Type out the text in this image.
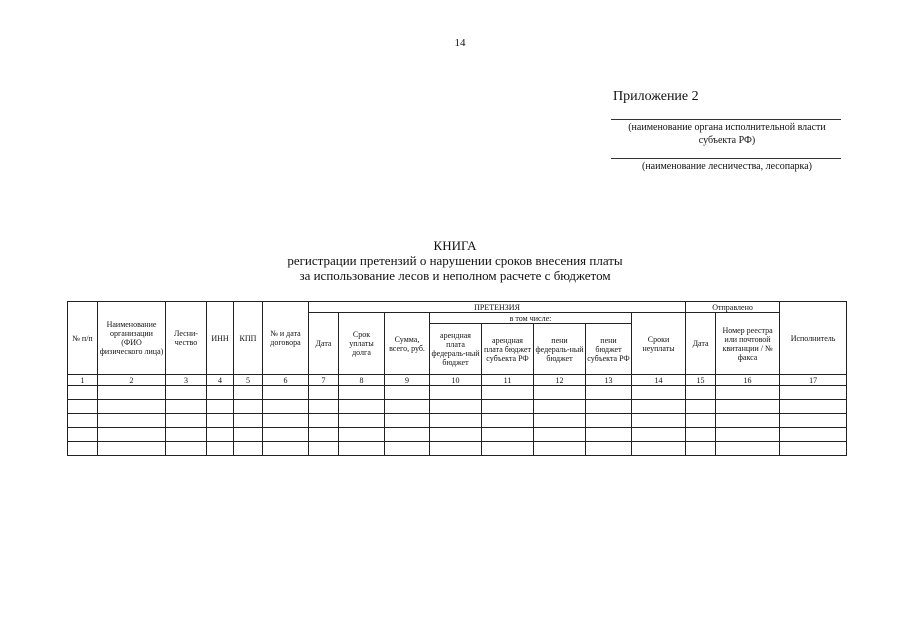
14
Приложение 2
(наименование органа исполнительной власти субъекта РФ)
(наименование лесничества, лесопарка)
КНИГА
регистрации претензий о нарушении сроков внесения платы
за использование лесов и неполном расчете с бюджетом
№ п/п	Наименование организации (ФИО физического лица)	Лесни-чество	ИНН	КПП	№ и дата договора	ПРЕТЕНЗИЯ								Отправлено		Исполнитель
						Дата	Срок уплаты долга	Сумма, всего, руб.	в том числе:				Сроки неуплаты	Дата	Номер реестра или почтовой квитанции / № факса	
									арендная плата федераль-ный бюджет	арендная плата бюджет субъекта РФ	пени федераль-ный бюджет	пени бюджет субъекта РФ				
1	2	3	4	5	6	7	8	9	10	11	12	13	14	15	16	17
